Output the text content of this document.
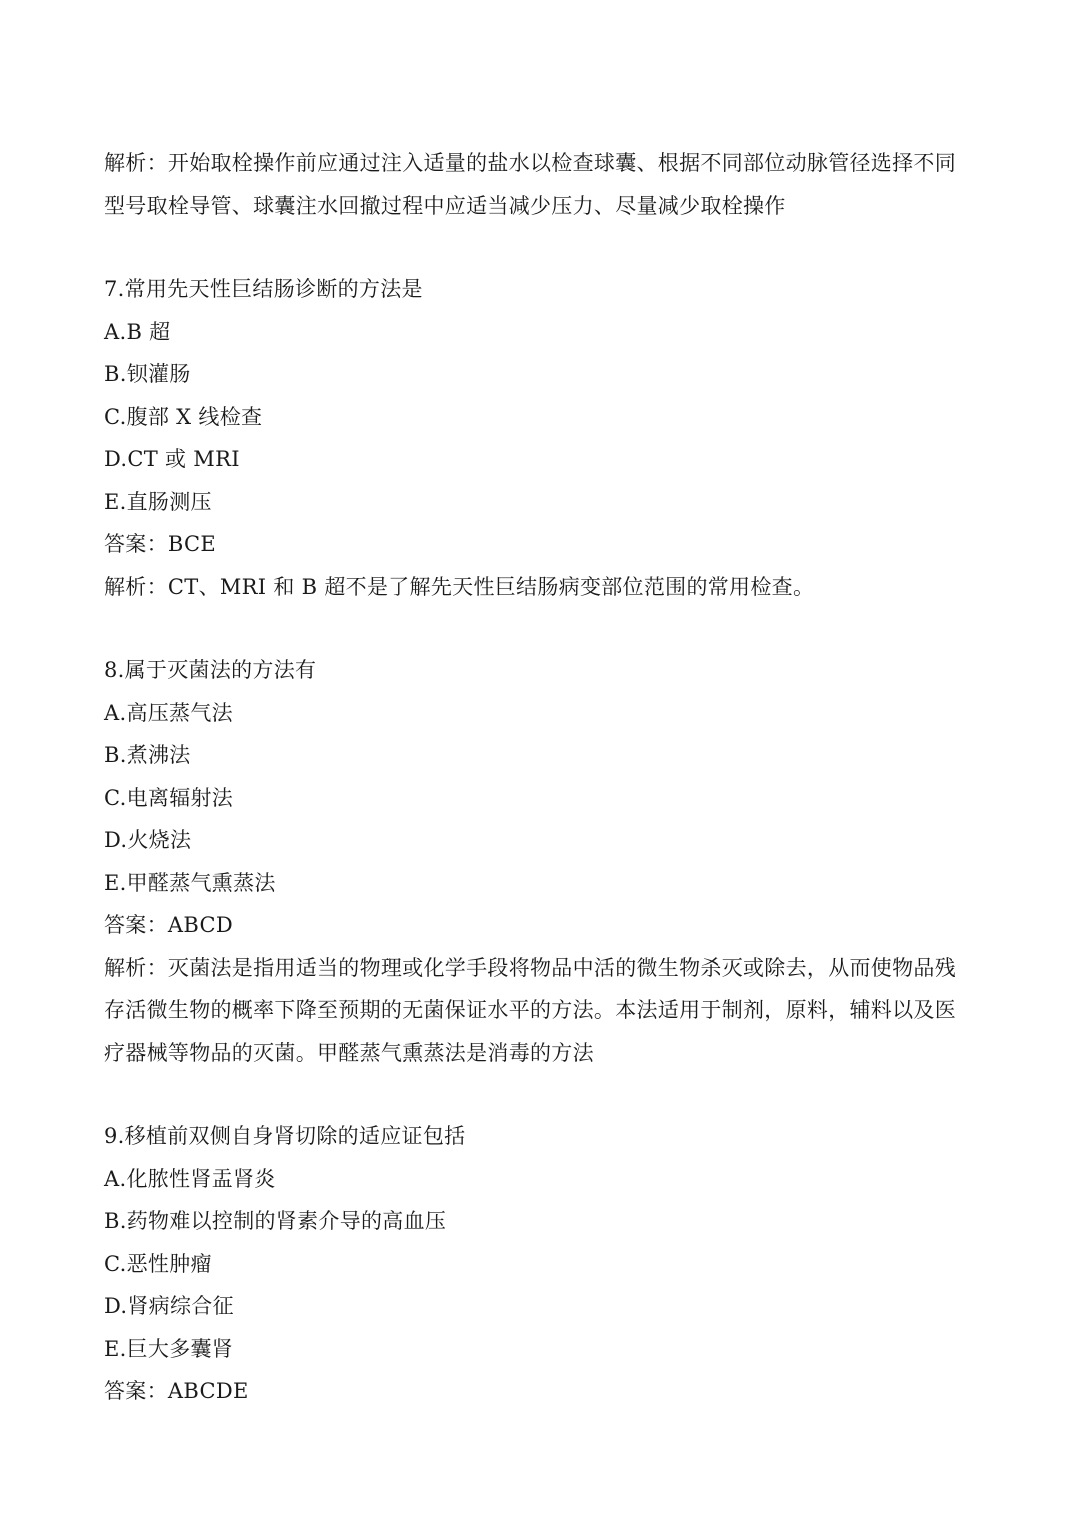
解析：开始取栓操作前应通过注入适量的盐水以检查球囊、根据不同部位动脉管径选择不同
型号取栓导管、球囊注水回撤过程中应适当减少压力、尽量减少取栓操作
7.常用先天性巨结肠诊断的方法是
A.B 超
B.钡灌肠
C.腹部 X 线检查
D.CT 或 MRI
E.直肠测压
答案：BCE
解析：CT、MRI 和 B 超不是了解先天性巨结肠病变部位范围的常用检查。
8.属于灭菌法的方法有
A.高压蒸气法
B.煮沸法
C.电离辐射法
D.火烧法
E.甲醛蒸气熏蒸法
答案：ABCD
解析：灭菌法是指用适当的物理或化学手段将物品中活的微生物杀灭或除去，从而使物品残
存活微生物的概率下降至预期的无菌保证水平的方法。本法适用于制剂，原料，辅料以及医
疗器械等物品的灭菌。甲醛蒸气熏蒸法是消毒的方法
9.移植前双侧自身肾切除的适应证包括
A.化脓性肾盂肾炎
B.药物难以控制的肾素介导的高血压
C.恶性肿瘤
D.肾病综合征
E.巨大多囊肾
答案：ABCDE
